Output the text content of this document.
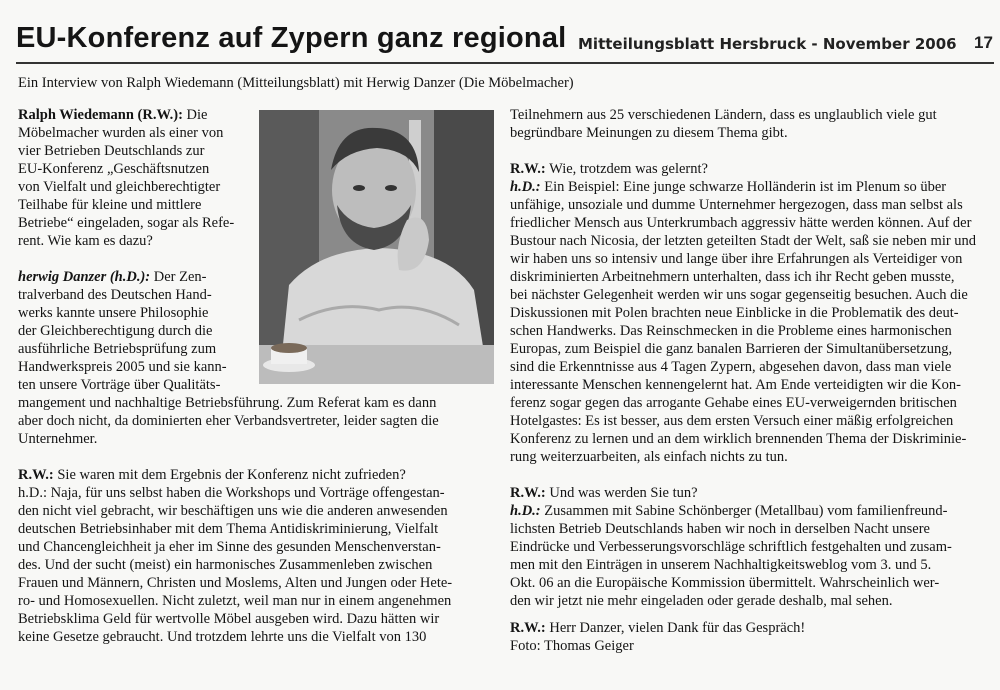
EU-Konferenz auf Zypern ganz regional Mitteilungsblatt Hersbruck - November 2006 17
Ein Interview von Ralph Wiedemann (Mitteilungsblatt) mit Herwig Danzer (Die Möbelmacher)

Ralph Wiedemann (R.W.): Die

Möbelmacher wurden als einer von

vier Betrieben Deutschlands zur

EU-Konferenz „Geschäftsnutzen

von Vielfalt und gleichberechtigter

Teilhabe für kleine und mittlere

Betriebe“ eingeladen, sogar als Refe-

rent. Wie kam es dazu?

herwig Danzer (h.D.): Der Zen-

tralverband des Deutschen Hand-

werks kannte unsere Philosophie

der Gleichberechtigung durch die

ausführliche Betriebsprüfung zum

Handwerkspreis 2005 und sie kann-

ten unsere Vorträge über Qualitäts-

mangement und nachhaltige Betriebsführung. Zum Referat kam es dann

aber doch nicht, da dominierten eher Verbandsvertreter, leider sagten die

Unternehmer.

R.W.: Sie waren mit dem Ergebnis der Konferenz nicht zufrieden?

h.D.: Naja, für uns selbst haben die Workshops und Vorträge offengestan-

den nicht viel gebracht, wir beschäftigen uns wie die anderen anwesenden

deutschen Betriebsinhaber mit dem Thema Antidiskriminierung, Vielfalt

und Chancengleichheit ja eher im Sinne des gesunden Menschenverstan-

des. Und der sucht (meist) ein harmonisches Zusammenleben zwischen

Frauen und Männern, Christen und Moslems, Alten und Jungen oder Hete-

ro- und Homosexuellen. Nicht zuletzt, weil man nur in einem angenehmen

Betriebsklima Geld für wertvolle Möbel ausgeben wird. Dazu hätten wir

keine Gesetze gebraucht. Und trotzdem lehrte uns die Vielfalt von 130

Teilnehmern aus 25 verschiedenen Ländern, dass es unglaublich viele gut

begründbare Meinungen zu diesem Thema gibt.

R.W.: Wie, trotzdem was gelernt?

h.D.: Ein Beispiel: Eine junge schwarze Holländerin ist im Plenum so über

unfähige, unsoziale und dumme Unternehmer hergezogen, dass man selbst als

friedlicher Mensch aus Unterkrumbach aggressiv hätte werden können. Auf der

Bustour nach Nicosia, der letzten geteilten Stadt der Welt, saß sie neben mir und

wir haben uns so intensiv und lange über ihre Erfahrungen als Verteidiger von

diskriminierten Arbeitnehmern unterhalten, dass ich ihr Recht geben musste,

bei nächster Gelegenheit werden wir uns sogar gegenseitig besuchen. Auch die

Diskussionen mit Polen brachten neue Einblicke in die Problematik des deut-

schen Handwerks. Das Reinschmecken in die Probleme eines harmonischen

Europas, zum Beispiel die ganz banalen Barrieren der Simultanübersetzung,

sind die Erkenntnisse aus 4 Tagen Zypern, abgesehen davon, dass man viele

interessante Menschen kennengelernt hat. Am Ende verteidigten wir die Kon-

ferenz sogar gegen das arrogante Gehabe eines EU-verweigernden britischen

Hotelgastes: Es ist besser, aus dem ersten Versuch einer mäßig erfolgreichen

Konferenz zu lernen und an dem wirklich brennenden Thema der Diskriminie-

rung weiterzuarbeiten, als einfach nichts zu tun.

R.W.: Und was werden Sie tun?

h.D.: Zusammen mit Sabine Schönberger (Metallbau) vom familienfreund-

lichsten Betrieb Deutschlands haben wir noch in derselben Nacht unsere

Eindrücke und Verbesserungsvorschläge schriftlich festgehalten und zusam-

men mit den Einträgen in unserem Nachhaltigkeitsweblog vom 3. und 5.

Okt. 06 an die Europäische Kommission übermittelt. Wahrscheinlich wer-

den wir jetzt nie mehr eingeladen oder gerade deshalb, mal sehen.

R.W.: Herr Danzer, vielen Dank für das Gespräch!

Foto: Thomas Geiger
